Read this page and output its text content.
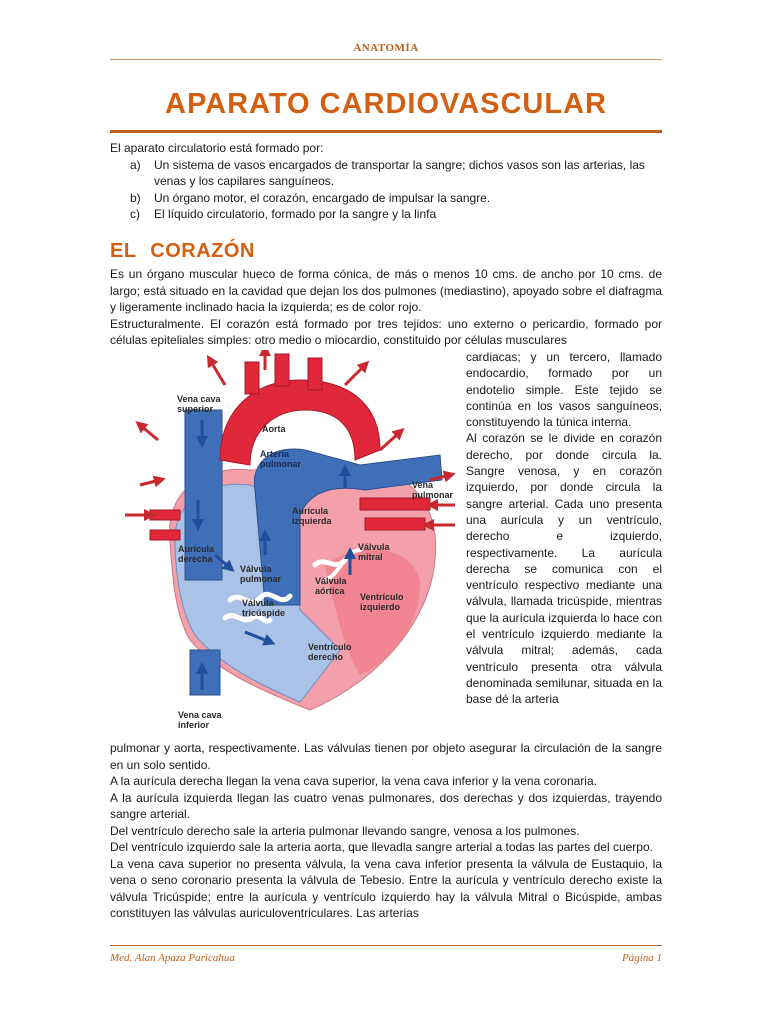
ANATOMÍA
APARATO CARDIOVASCULAR

El aparato circulatorio está formado por:

a) Un sistema de vasos encargados de transportar la sangre; dichos vasos son las arterias, las venas y los capilares sanguíneos.
b) Un órgano motor, el corazón, encargado de impulsar la sangre.
c) El líquido circulatorio, formado por la sangre y la linfa
EL CORAZÓN

Es un órgano muscular hueco de forma cónica, de más o menos 10 cms. de ancho por 10 cms. de largo; está situado en la cavidad que dejan los dos pulmones (mediastino), apoyado sobre el diafragma y ligeramente inclinado hacia la izquierda; es de color rojo.

Estructuralmente. El corazón está formado por tres tejidos: uno externo o pericardio, formado por células epiteliales simples: otro medio o miocardio, constituido por células musculares

Vena cava superior
Aorta
Arteria pulmonar
Vena pulmonar
Aurícula izquierda
Aurícula derecha
Válvula mitral
Válvula pulmonar	Válvula aórtica
Ventrículo izquierdo
Válvula tricúspide
Ventrículo derecho
Vena cava inferior

cardiacas; y un tercero, llamado endocardio, formado por un endotelio simple. Este tejido se continúa en los vasos sanguíneos, constituyendo la túnica interna.

Al corazón se le divide en corazón derecho, por donde circula la. Sangre venosa, y en corazón izquierdo, por donde circula la sangre arterial. Cada uno presenta una aurícula y un ventrículo, derecho e izquierdo, respectivamente. La aurícula derecha se comunica con el ventrículo respectivo mediante una válvula, llamada tricúspide, mientras que la aurícula izquierda lo hace con el ventrículo izquierdo mediante la válvula mitral; además, cada ventrículo presenta otra válvula denominada semilunar, situada en la base dé la arteria

pulmonar y aorta, respectivamente. Las válvulas tienen por objeto asegurar la circulación de la sangre en un solo sentido.

A la aurícula derecha llegan la vena cava superior, la vena cava inferior y la vena coronaria.

A la aurícula izquierda llegan las cuatro venas pulmonares, dos derechas y dos izquierdas, trayendo sangre arterial.

Del ventrículo derecho sale la arteria pulmonar llevando sangre, venosa a los pulmones.

Del ventrículo izquierdo sale la arteria aorta, que llevadla sangre arterial a todas las partes del cuerpo.

La vena cava superior no presenta válvula, la vena cava inferior presenta la válvula de Eustaquio, la vena o seno coronario presenta la válvula de Tebesio. Entre la aurícula y ventrículo derecho existe la válvula Tricúspide; entre la aurícula y ventrículo izquierdo hay la válvula Mitral o Bicúspide, ambas constituyen las válvulas auriculoventriculares. Las arterias

Med. Alan Apaza Paricahua	Página 1
